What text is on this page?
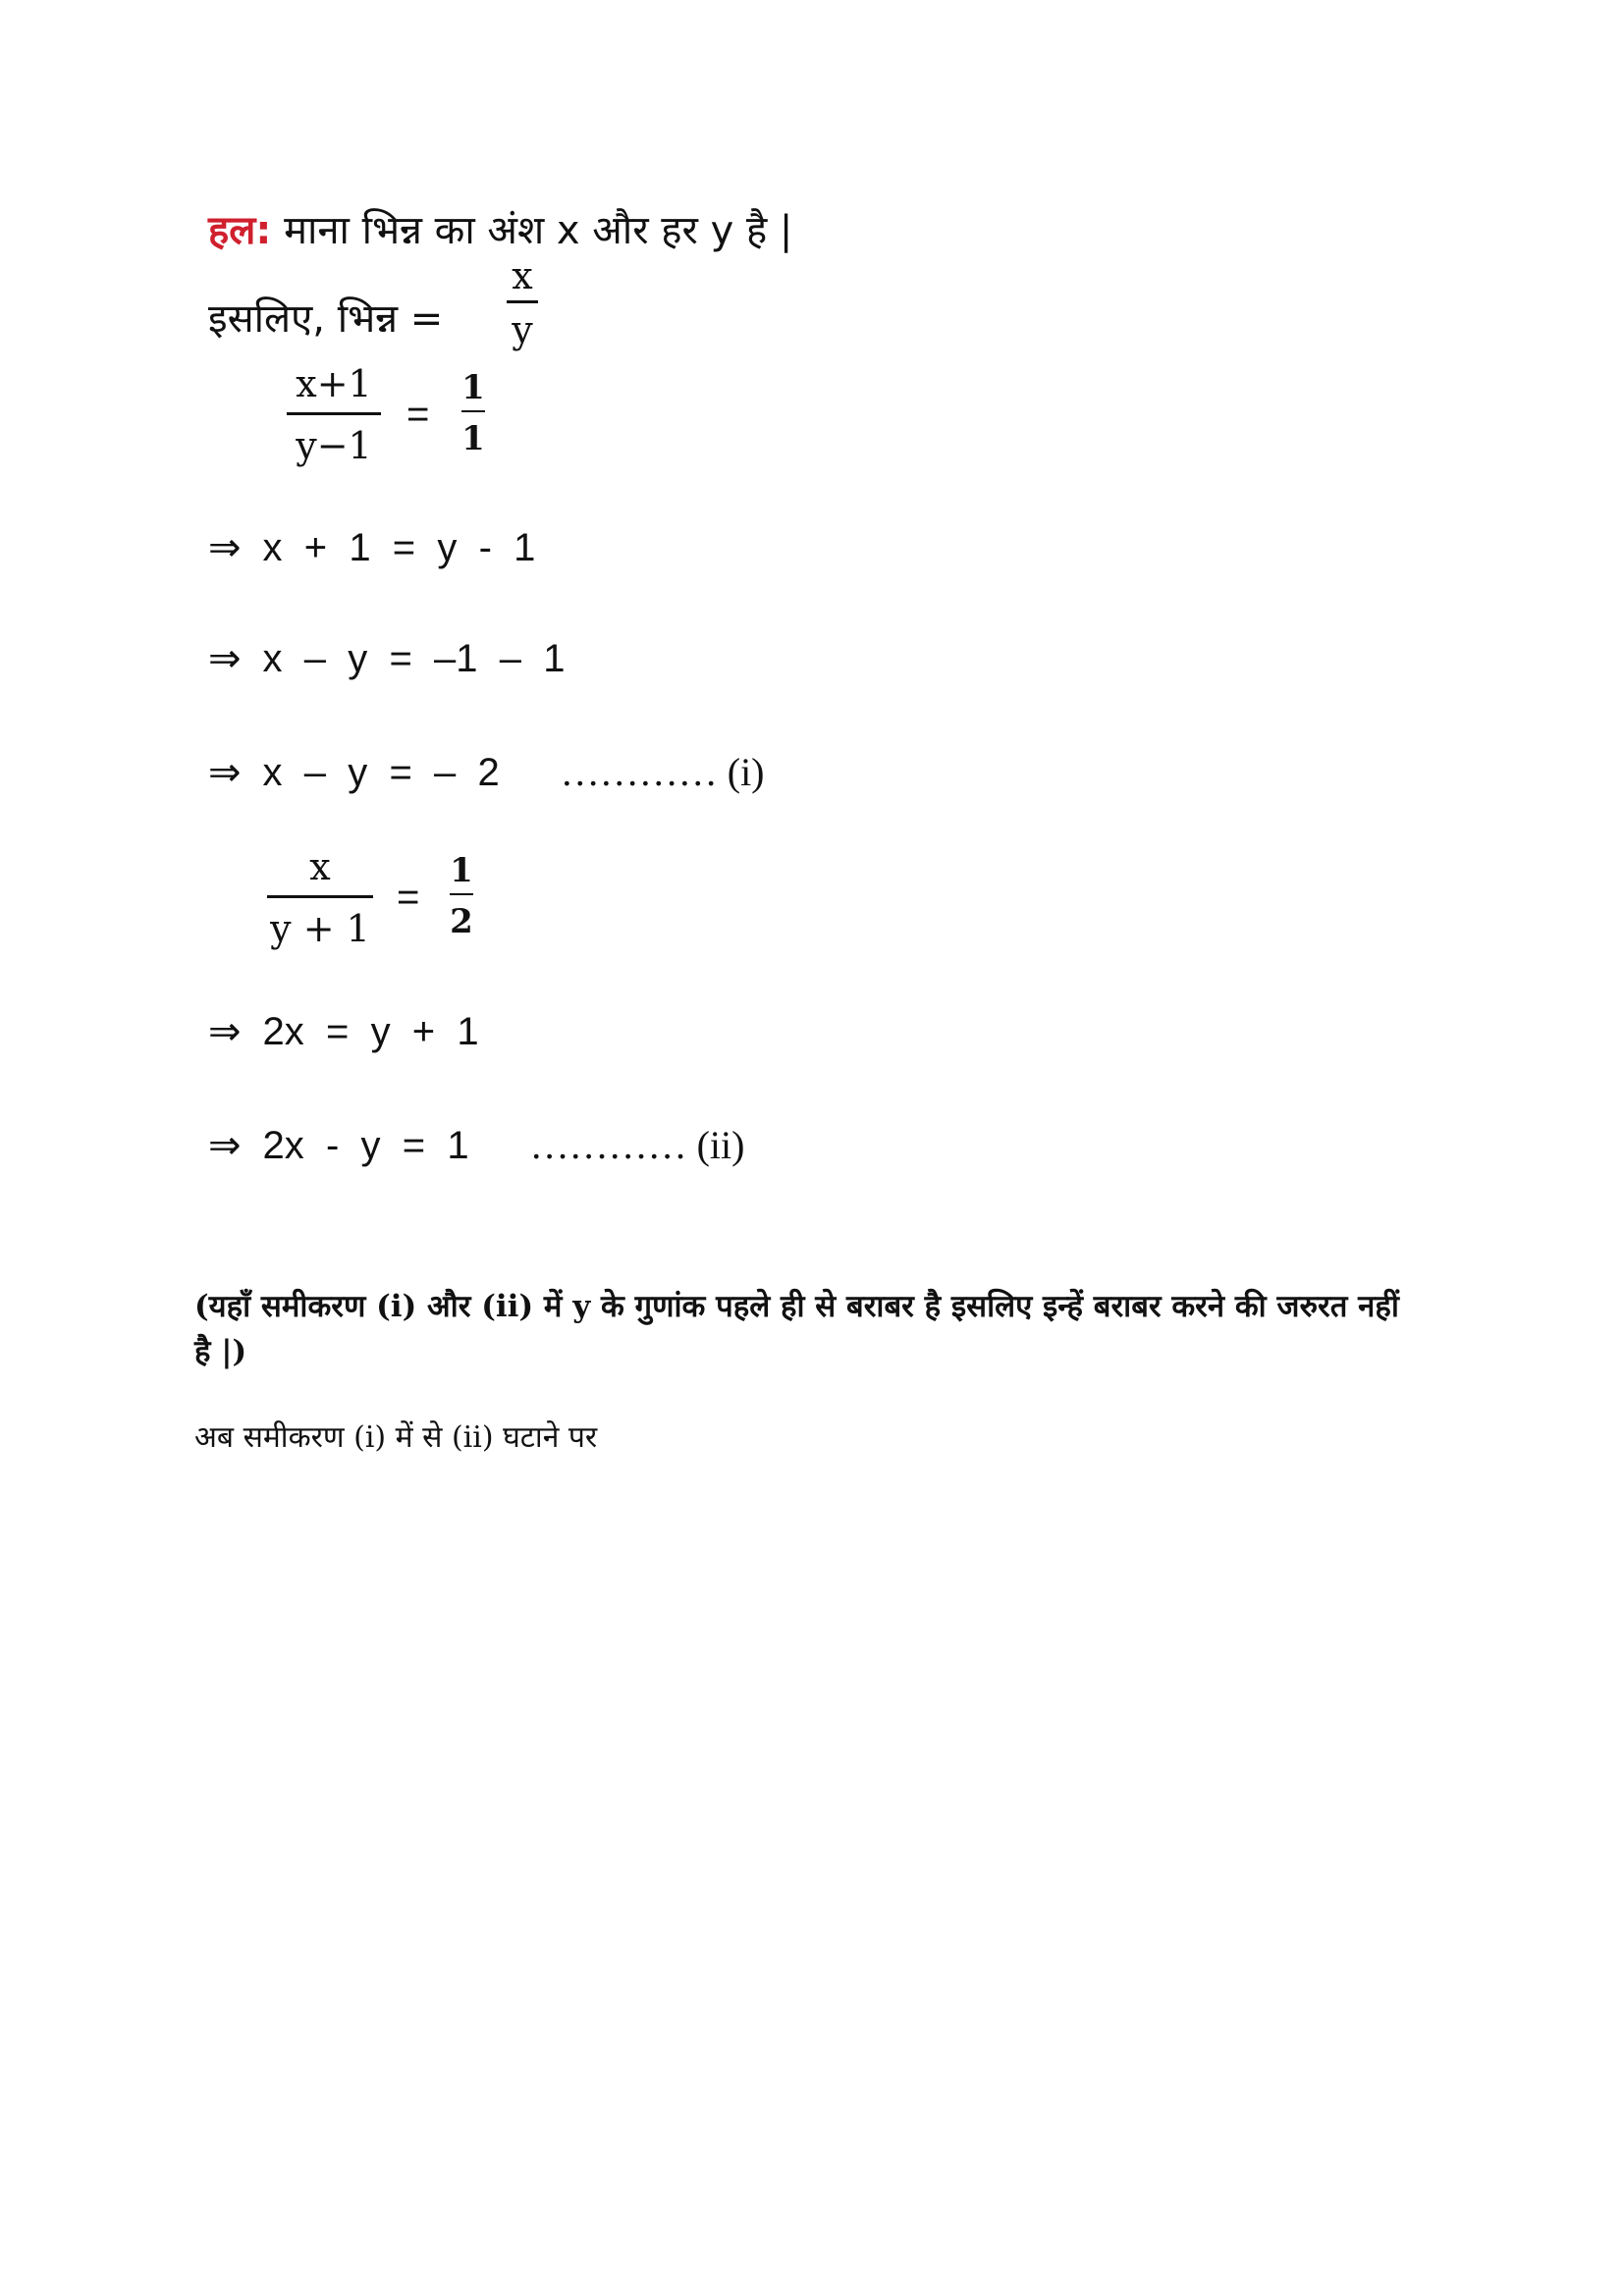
हल: माना भिन्न का अंश x और हर y है |
इसलिए, भिन्न =
x
y
x+1
y−1
=
1
1
⇒ x  +  1  =  y  -  1
⇒ x  –  y  =  –1  –  1
⇒ x  –  y  =  –  2 ………… (i)
x
y + 1
=
1
2
⇒ 2x  =  y  +  1
⇒ 2x  -  y  =  1 ………… (ii)
(यहाँ समीकरण (i) और (ii) में y के गुणांक पहले ही से बराबर है इसलिए इन्हें बराबर करने की जरुरत नहीं है |)
अब समीकरण (i) में से (ii) घटाने पर
